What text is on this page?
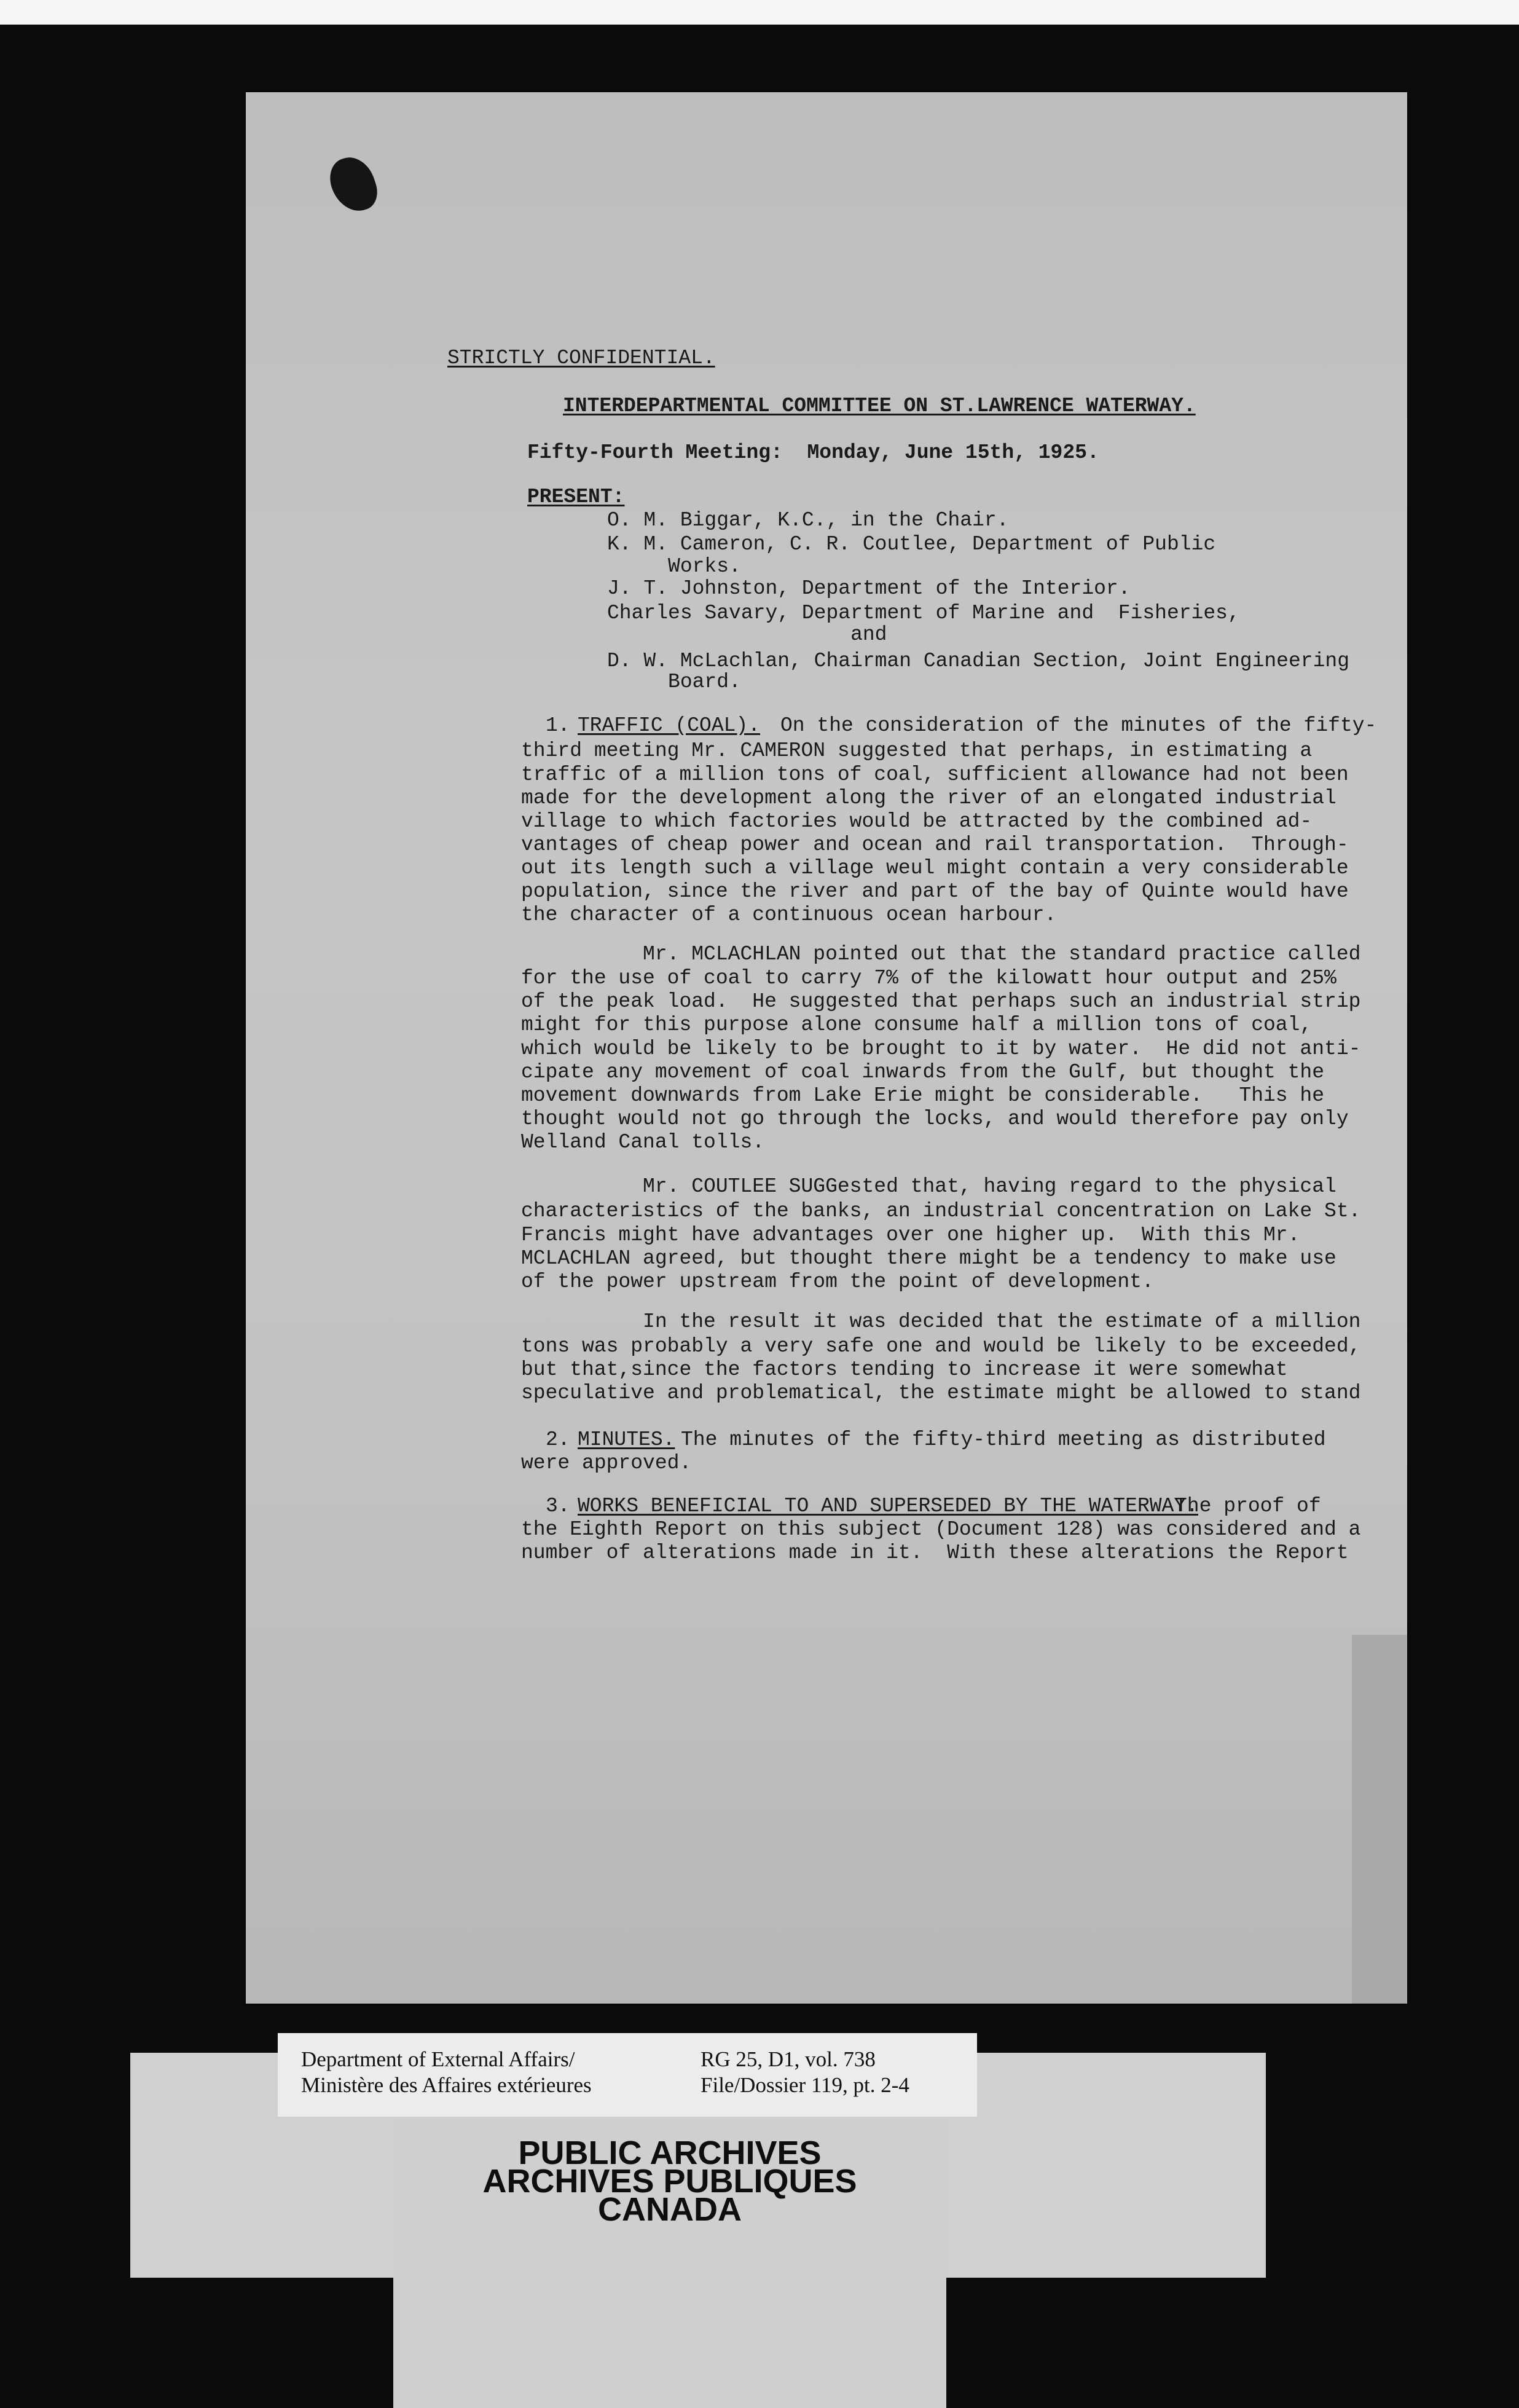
STRICTLY CONFIDENTIAL.
INTERDEPARTMENTAL COMMITTEE ON ST.LAWRENCE WATERWAY.
Fifty-Fourth Meeting:  Monday, June 15th, 1925.
PRESENT:
O. M. Biggar, K.C., in the Chair.
K. M. Cameron, C. R. Coutlee, Department of Public
Works.
J. T. Johnston, Department of the Interior.
Charles Savary, Department of Marine and  Fisheries,
and
D. W. McLachlan, Chairman Canadian Section, Joint Engineering
Board.
1. TRAFFIC (COAL). On the consideration of the minutes of the fifty-
third meeting Mr. CAMERON suggested that perhaps, in estimating a
traffic of a million tons of coal, sufficient allowance had not been
made for the development along the river of an elongated industrial
village to which factories would be attracted by the combined ad-
vantages of cheap power and ocean and rail transportation.  Through-
out its length such a village weul might contain a very considerable
population, since the river and part of the bay of Quinte would have
the character of a continuous ocean harbour.
Mr. MCLACHLAN pointed out that the standard practice called
for the use of coal to carry 7% of the kilowatt hour output and 25%
of the peak load.  He suggested that perhaps such an industrial strip
might for this purpose alone consume half a million tons of coal,
which would be likely to be brought to it by water.  He did not anti-
cipate any movement of coal inwards from the Gulf, but thought the
movement downwards from Lake Erie might be considerable.   This he
thought would not go through the locks, and would therefore pay only
Welland Canal tolls.
Mr. COUTLEE SUGGested that, having regard to the physical
characteristics of the banks, an industrial concentration on Lake St.
Francis might have advantages over one higher up.  With this Mr.
MCLACHLAN agreed, but thought there might be a tendency to make use
of the power upstream from the point of development.
In the result it was decided that the estimate of a million
tons was probably a very safe one and would be likely to be exceeded,
but that,since the factors tending to increase it were somewhat
speculative and problematical, the estimate might be allowed to stand
2. MINUTES. The minutes of the fifty-third meeting as distributed
were approved.
3. WORKS BENEFICIAL TO AND SUPERSEDED BY THE WATERWAY.
The proof of
the Eighth Report on this subject (Document 128) was considered and a
number of alterations made in it.  With these alterations the Report
PUBLIC ARCHIVES
ARCHIVES PUBLIQUES
CANADA
Department of External Affairs/
Ministère des Affaires extérieures
RG 25, D1, vol. 738
File/Dossier 119, pt. 2-4
